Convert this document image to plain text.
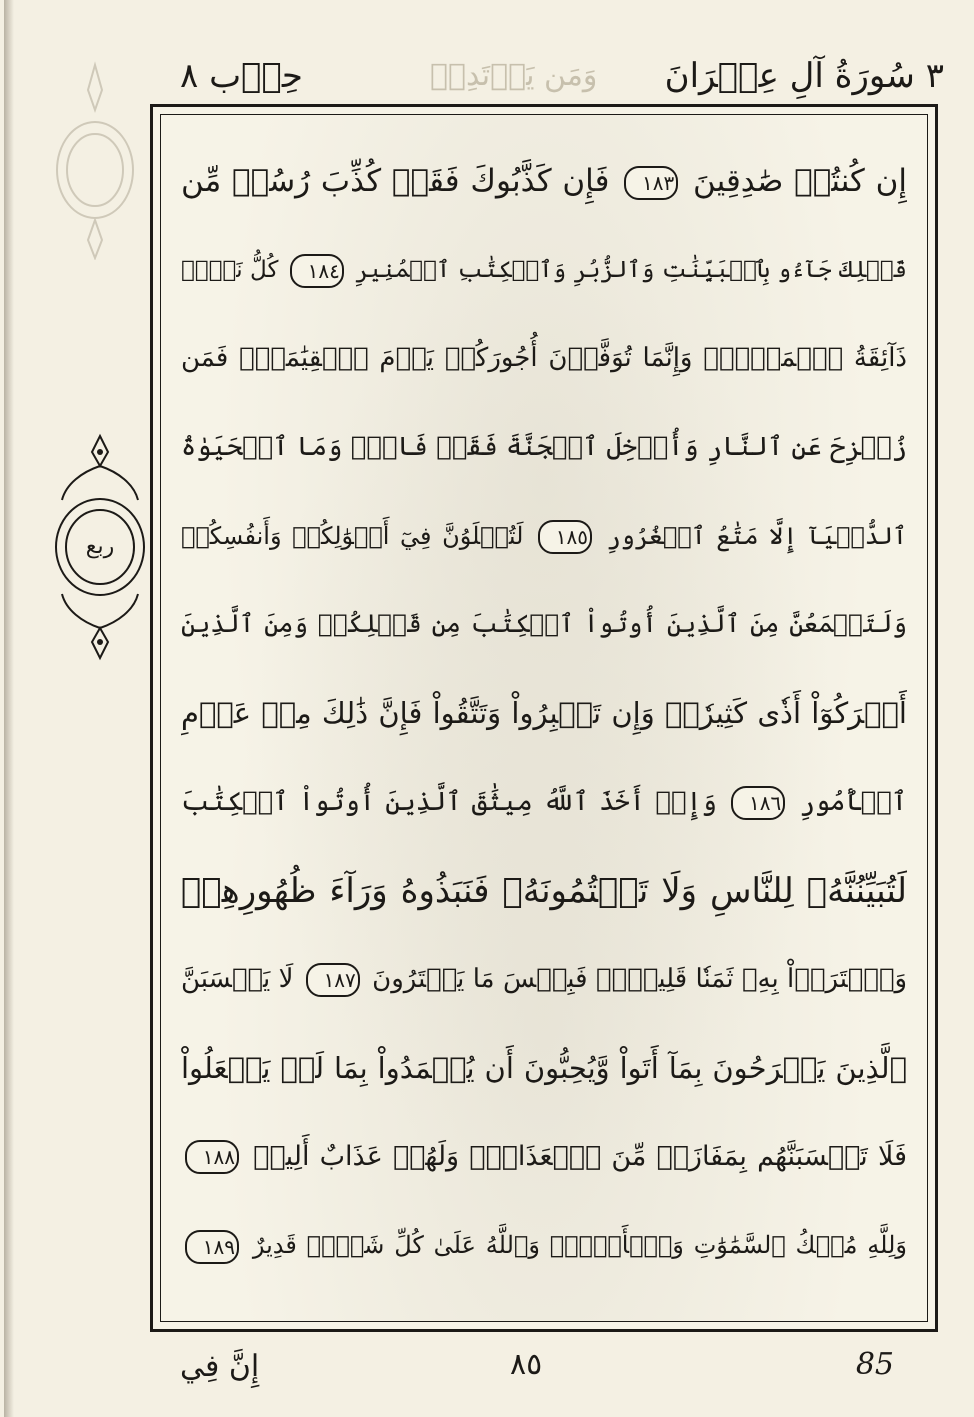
٣ سُورَةُ آلِ عِمۡرَانَ
وَمَن يَرۡتَدِدۡ
حِزۡب ٨
ربع
إِن كُنتُمۡ صَٰدِقِينَ ١٨٣ فَإِن كَذَّبُوكَ فَقَدۡ كُذِّبَ رُسُلٞ مِّن
قَبۡلِكَ جَآءُو بِٱلۡبَيِّنَٰتِ وَٱلزُّبُرِ وَٱلۡكِتَٰبِ ٱلۡمُنِيرِ ١٨٤ كُلُّ نَفۡسٖ
ذَآئِقَةُ ٱلۡمَوۡتِۗ وَإِنَّمَا تُوَفَّوۡنَ أُجُورَكُمۡ يَوۡمَ ٱلۡقِيَٰمَةِۖ فَمَن
زُحۡزِحَ عَنِ ٱلنَّارِ وَأُدۡخِلَ ٱلۡجَنَّةَ فَقَدۡ فَازَۗ وَمَا ٱلۡحَيَوٰةُ
ٱلدُّنۡيَآ إِلَّا مَتَٰعُ ٱلۡغُرُورِ ١٨٥ لَتُبۡلَوُنَّ فِيٓ أَمۡوَٰلِكُمۡ وَأَنفُسِكُمۡ
وَلَتَسۡمَعُنَّ مِنَ ٱلَّذِينَ أُوتُواْ ٱلۡكِتَٰبَ مِن قَبۡلِكُمۡ وَمِنَ ٱلَّذِينَ
أَشۡرَكُوٓاْ أَذٗى كَثِيرٗاۚ وَإِن تَصۡبِرُواْ وَتَتَّقُواْ فَإِنَّ ذَٰلِكَ مِنۡ عَزۡمِ
ٱلۡأُمُورِ ١٨٦ وَإِذۡ أَخَذَ ٱللَّهُ مِيثَٰقَ ٱلَّذِينَ أُوتُواْ ٱلۡكِتَٰبَ
لَتُبَيِّنُنَّهُۥ لِلنَّاسِ وَلَا تَكۡتُمُونَهُۥ فَنَبَذُوهُ وَرَآءَ ظُهُورِهِمۡ
وَٱشۡتَرَوۡاْ بِهِۦ ثَمَنٗا قَلِيلٗاۖ فَبِئۡسَ مَا يَشۡتَرُونَ ١٨٧ لَا يَحۡسَبَنَّ
ٱلَّذِينَ يَفۡرَحُونَ بِمَآ أَتَواْ وَّيُحِبُّونَ أَن يُحۡمَدُواْ بِمَا لَمۡ يَفۡعَلُواْ
فَلَا تَحۡسَبَنَّهُم بِمَفَازَةٖ مِّنَ ٱلۡعَذَابِۖ وَلَهُمۡ عَذَابٌ أَلِيمٞ ١٨٨
وَلِلَّهِ مُلۡكُ ٱلسَّمَٰوَٰتِ وَٱلۡأَرۡضِۗ وَٱللَّهُ عَلَىٰ كُلِّ شَيۡءٖ قَدِيرٌ ١٨٩
إِنَّ فِي	٨٥	85
